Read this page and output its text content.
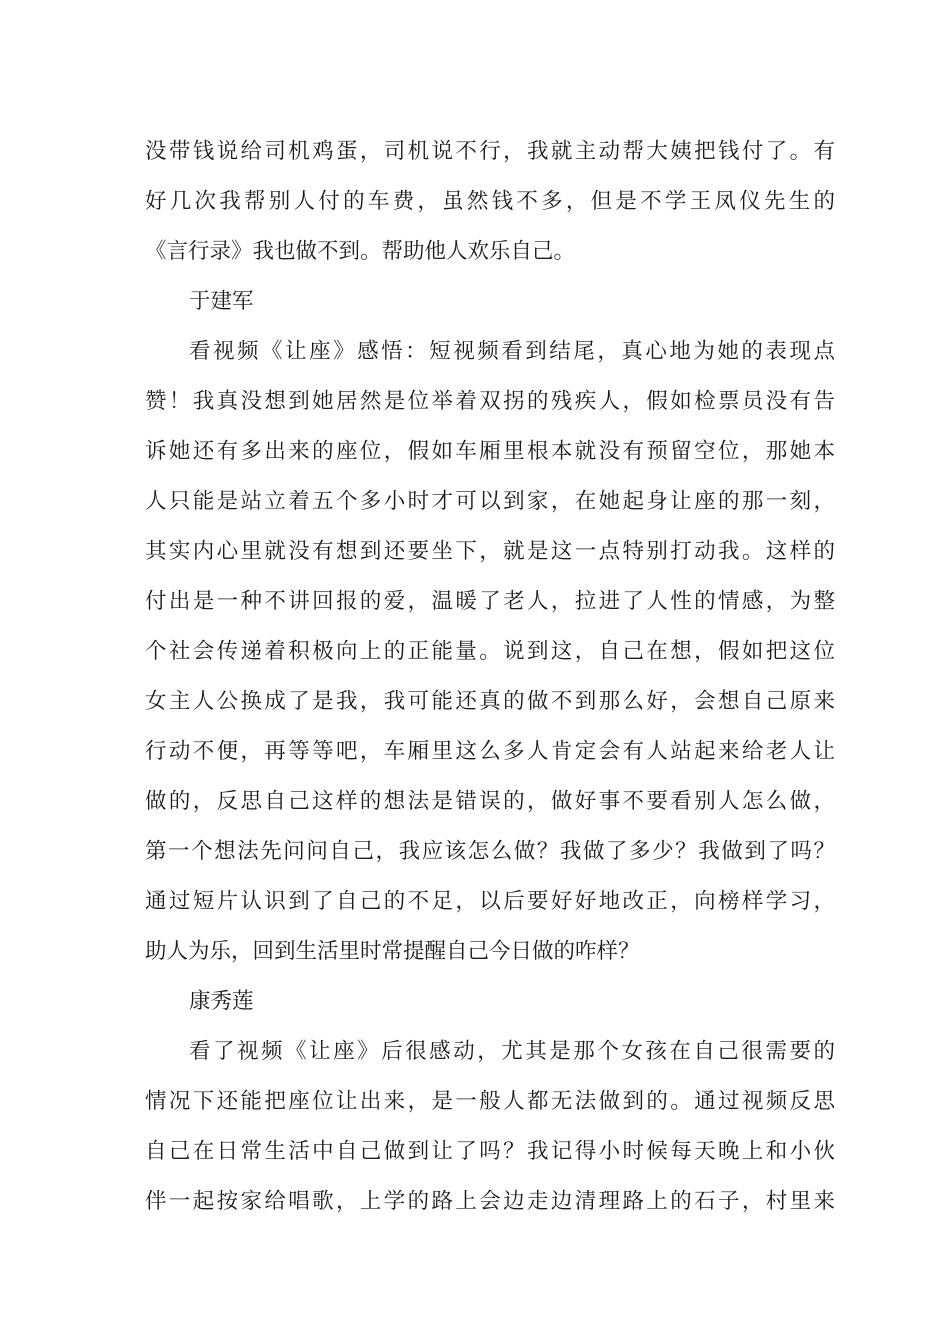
没带钱说给司机鸡蛋，司机说不行，我就主动帮大姨把钱付了。有
好几次我帮别人付的车费，虽然钱不多，但是不学王凤仪先生的
《言行录》我也做不到。帮助他人欢乐自己。
于建军
看视频《让座》感悟：短视频看到结尾，真心地为她的表现点
赞！我真没想到她居然是位举着双拐的残疾人，假如检票员没有告
诉她还有多出来的座位，假如车厢里根本就没有预留空位，那她本
人只能是站立着五个多小时才可以到家，在她起身让座的那一刻，
其实内心里就没有想到还要坐下，就是这一点特别打动我。这样的
付出是一种不讲回报的爱，温暖了老人，拉进了人性的情感，为整
个社会传递着积极向上的正能量。说到这，自己在想，假如把这位
女主人公换成了是我，我可能还真的做不到那么好，会想自己原来
行动不便，再等等吧，车厢里这么多人肯定会有人站起来给老人让
做的，反思自己这样的想法是错误的，做好事不要看别人怎么做，
第一个想法先问问自己，我应该怎么做？我做了多少？我做到了吗？
通过短片认识到了自己的不足，以后要好好地改正，向榜样学习，
助人为乐，回到生活里时常提醒自己今日做的咋样？
康秀莲
看了视频《让座》后很感动，尤其是那个女孩在自己很需要的
情况下还能把座位让出来，是一般人都无法做到的。通过视频反思
自己在日常生活中自己做到让了吗？我记得小时候每天晚上和小伙
伴一起按家给唱歌，上学的路上会边走边清理路上的石子，村里来
